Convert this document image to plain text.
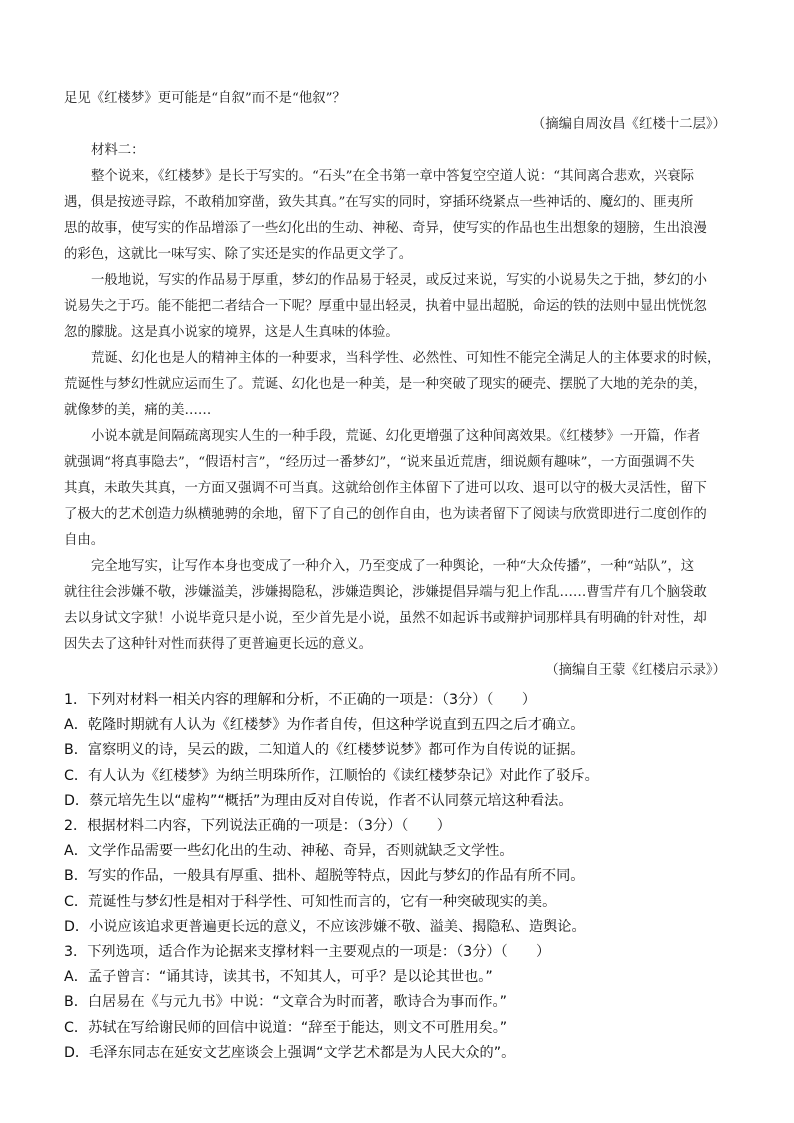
足见《红楼梦》更可能是“自叙”而不是“他叙”？
（摘编自周汝昌《红楼十二层》）
材料二：
整个说来，《红楼梦》是长于写实的。“石头”在全书第一章中答复空空道人说：“其间离合悲欢，兴衰际
遇，俱是按迹寻踪，不敢稍加穿凿，致失其真。”在写实的同时，穿插环绕紧点一些神话的、魔幻的、匪夷所
思的故事，使写实的作品增添了一些幻化出的生动、神秘、奇异，使写实的作品也生出想象的翅膀，生出浪漫
的彩色，这就比一味写实、除了实还是实的作品更文学了。
一般地说，写实的作品易于厚重，梦幻的作品易于轻灵，或反过来说，写实的小说易失之于拙，梦幻的小
说易失之于巧。能不能把二者结合一下呢？厚重中显出轻灵，执着中显出超脱，命运的铁的法则中显出恍恍忽
忽的朦胧。这是真小说家的境界，这是人生真味的体验。
荒诞、幻化也是人的精神主体的一种要求，当科学性、必然性、可知性不能完全满足人的主体要求的时候，
荒诞性与梦幻性就应运而生了。荒诞、幻化也是一种美，是一种突破了现实的硬壳、摆脱了大地的羌杂的美，
就像梦的美，痛的美……
小说本就是间隔疏离现实人生的一种手段，荒诞、幻化更增强了这种间离效果。《红楼梦》一开篇，作者
就强调“将真事隐去”，“假语村言”，“经历过一番梦幻”，“说来虽近荒唐，细说颇有趣味”，一方面强调不失
其真，未敢失其真，一方面又强调不可当真。这就给创作主体留下了进可以攻、退可以守的极大灵活性，留下
了极大的艺术创造力纵横驰骋的余地，留下了自己的创作自由，也为读者留下了阅读与欣赏即进行二度创作的
自由。
完全地写实，让写作本身也变成了一种介入，乃至变成了一种舆论，一种“大众传播”，一种“站队”，这
就往往会涉嫌不敬，涉嫌溢美，涉嫌揭隐私，涉嫌造舆论，涉嫌提倡异端与犯上作乱……曹雪芹有几个脑袋敢
去以身试文字狱！小说毕竟只是小说，至少首先是小说，虽然不如起诉书或辩护词那样具有明确的针对性，却
因失去了这种针对性而获得了更普遍更长远的意义。
（摘编自王蒙《红楼启示录》）
1．下列对材料一相关内容的理解和分析，不正确的一项是：（3分）（　　）
A．乾隆时期就有人认为《红楼梦》为作者自传，但这种学说直到五四之后才确立。
B．富察明义的诗，吴云的跋，二知道人的《红楼梦说梦》都可作为自传说的证据。
C．有人认为《红楼梦》为纳兰明珠所作，江顺怡的《读红楼梦杂记》对此作了驳斥。
D．蔡元培先生以“虚构”“概括”为理由反对自传说，作者不认同蔡元培这种看法。
2．根据材料二内容，下列说法正确的一项是：（3分）（　　）
A．文学作品需要一些幻化出的生动、神秘、奇异，否则就缺乏文学性。
B．写实的作品，一般具有厚重、拙朴、超脱等特点，因此与梦幻的作品有所不同。
C．荒诞性与梦幻性是相对于科学性、可知性而言的，它有一种突破现实的美。
D．小说应该追求更普遍更长远的意义，不应该涉嫌不敬、溢美、揭隐私、造舆论。
3．下列选项，适合作为论据来支撑材料一主要观点的一项是：（3分）（　　）
A．孟子曾言：“诵其诗，读其书，不知其人，可乎？是以论其世也。”
B．白居易在《与元九书》中说：“文章合为时而著，歌诗合为事而作。”
C．苏轼在写给谢民师的回信中说道：“辞至于能达，则文不可胜用矣。”
D．毛泽东同志在延安文艺座谈会上强调“文学艺术都是为人民大众的”。
